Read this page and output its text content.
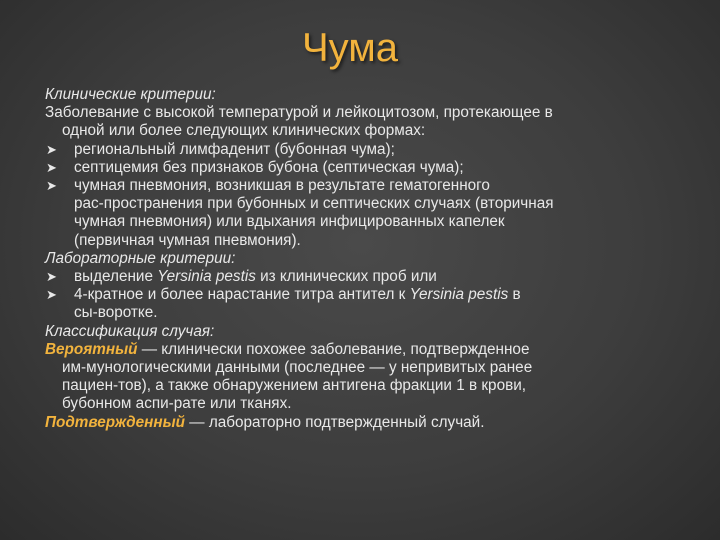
Чума

Клинические критерии:

Заболевание с высокой температурой и лейкоцитозом, протекающее в

одной или более следующих клинических формах:

➤	региональный лимфаденит (бубонная чума);
➤	септицемия без признаков бубона (септическая чума);
➤	чумная пневмония, возникшая в результате гематогенного
рас-пространения при бубонных и септических случаях (вторичная
чумная пневмония) или вдыхания инфицированных капелек
(первичная чумная пневмония).

Лабораторные критерии:

➤	выделение Yersinia pestis из клинических проб или
➤	4-кратное и более нарастание титра антител к Yersinia pestis в
сы-воротке.

Классификация случая:

Вероятный — клинически похожее заболевание, подтвержденное

им-мунологическими данными (последнее — у непривитых ранее

пациен-тов), а также обнаружением антигена фракции 1 в крови,

бубонном аспи-рате или тканях.

Подтвержденный — лабораторно подтвержденный случай.
